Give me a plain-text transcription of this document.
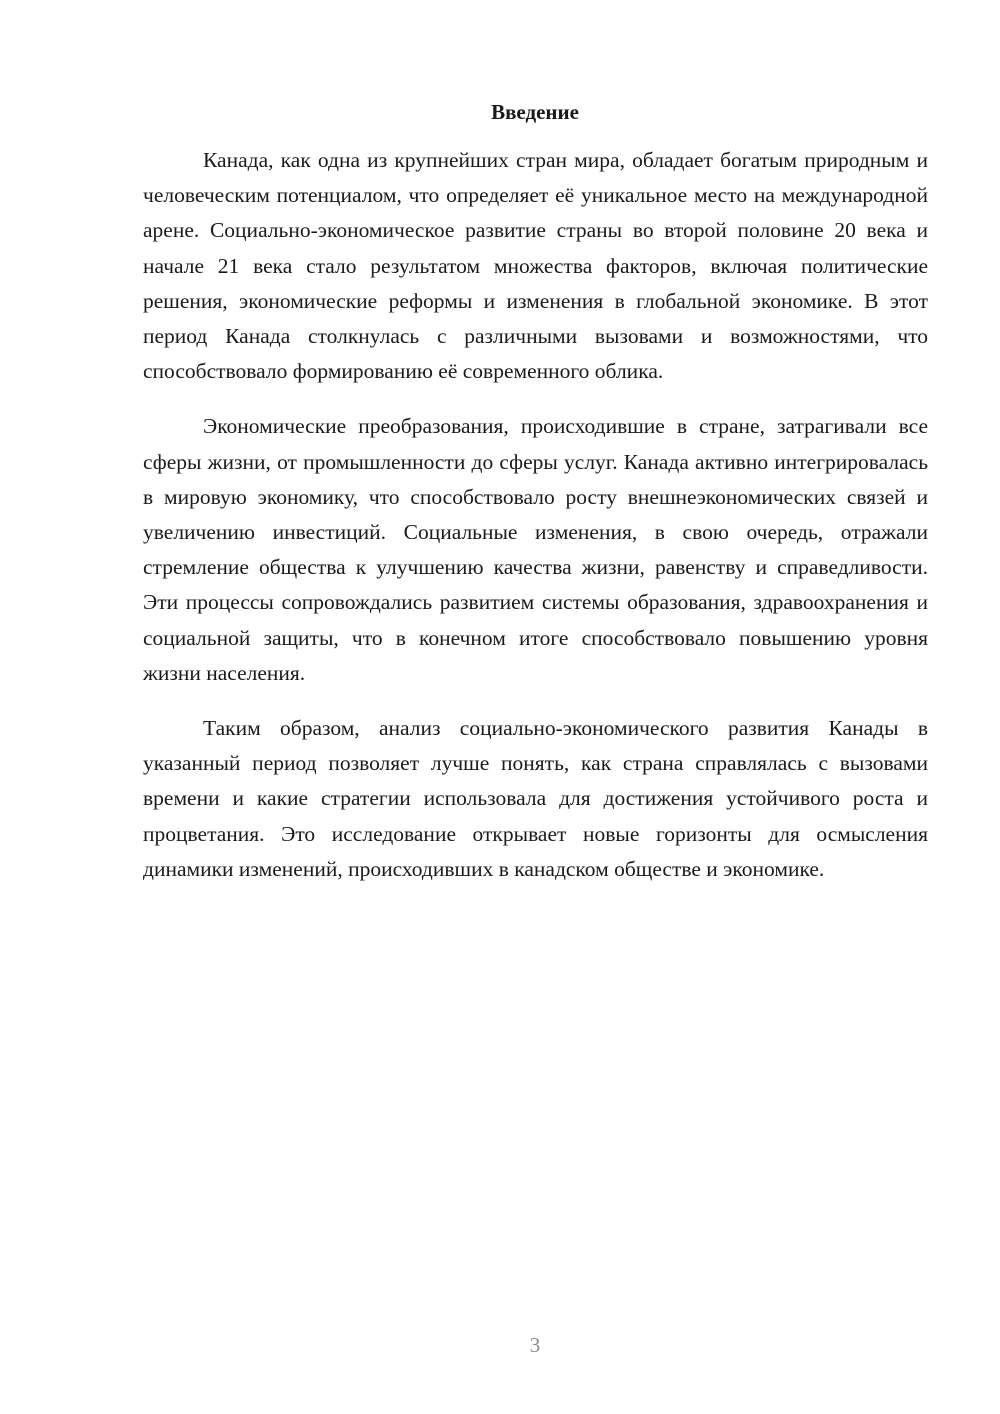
Введение

Канада, как одна из крупнейших стран мира, обладает богатым природным и человеческим потенциалом, что определяет её уникальное место на международной арене. Социально-экономическое развитие страны во второй половине 20 века и начале 21 века стало результатом множества факторов, включая политические решения, экономические реформы и изменения в глобальной экономике. В этот период Канада столкнулась с различными вызовами и возможностями, что способствовало формированию её современного облика.

Экономические преобразования, происходившие в стране, затрагивали все сферы жизни, от промышленности до сферы услуг. Канада активно интегрировалась в мировую экономику, что способствовало росту внешнеэкономических связей и увеличению инвестиций. Социальные изменения, в свою очередь, отражали стремление общества к улучшению качества жизни, равенству и справедливости. Эти процессы сопровождались развитием системы образования, здравоохранения и социальной защиты, что в конечном итоге способствовало повышению уровня жизни населения.

Таким образом, анализ социально-экономического развития Канады в указанный период позволяет лучше понять, как страна справлялась с вызовами времени и какие стратегии использовала для достижения устойчивого роста и процветания. Это исследование открывает новые горизонты для осмысления динамики изменений, происходивших в канадском обществе и экономике.

3
